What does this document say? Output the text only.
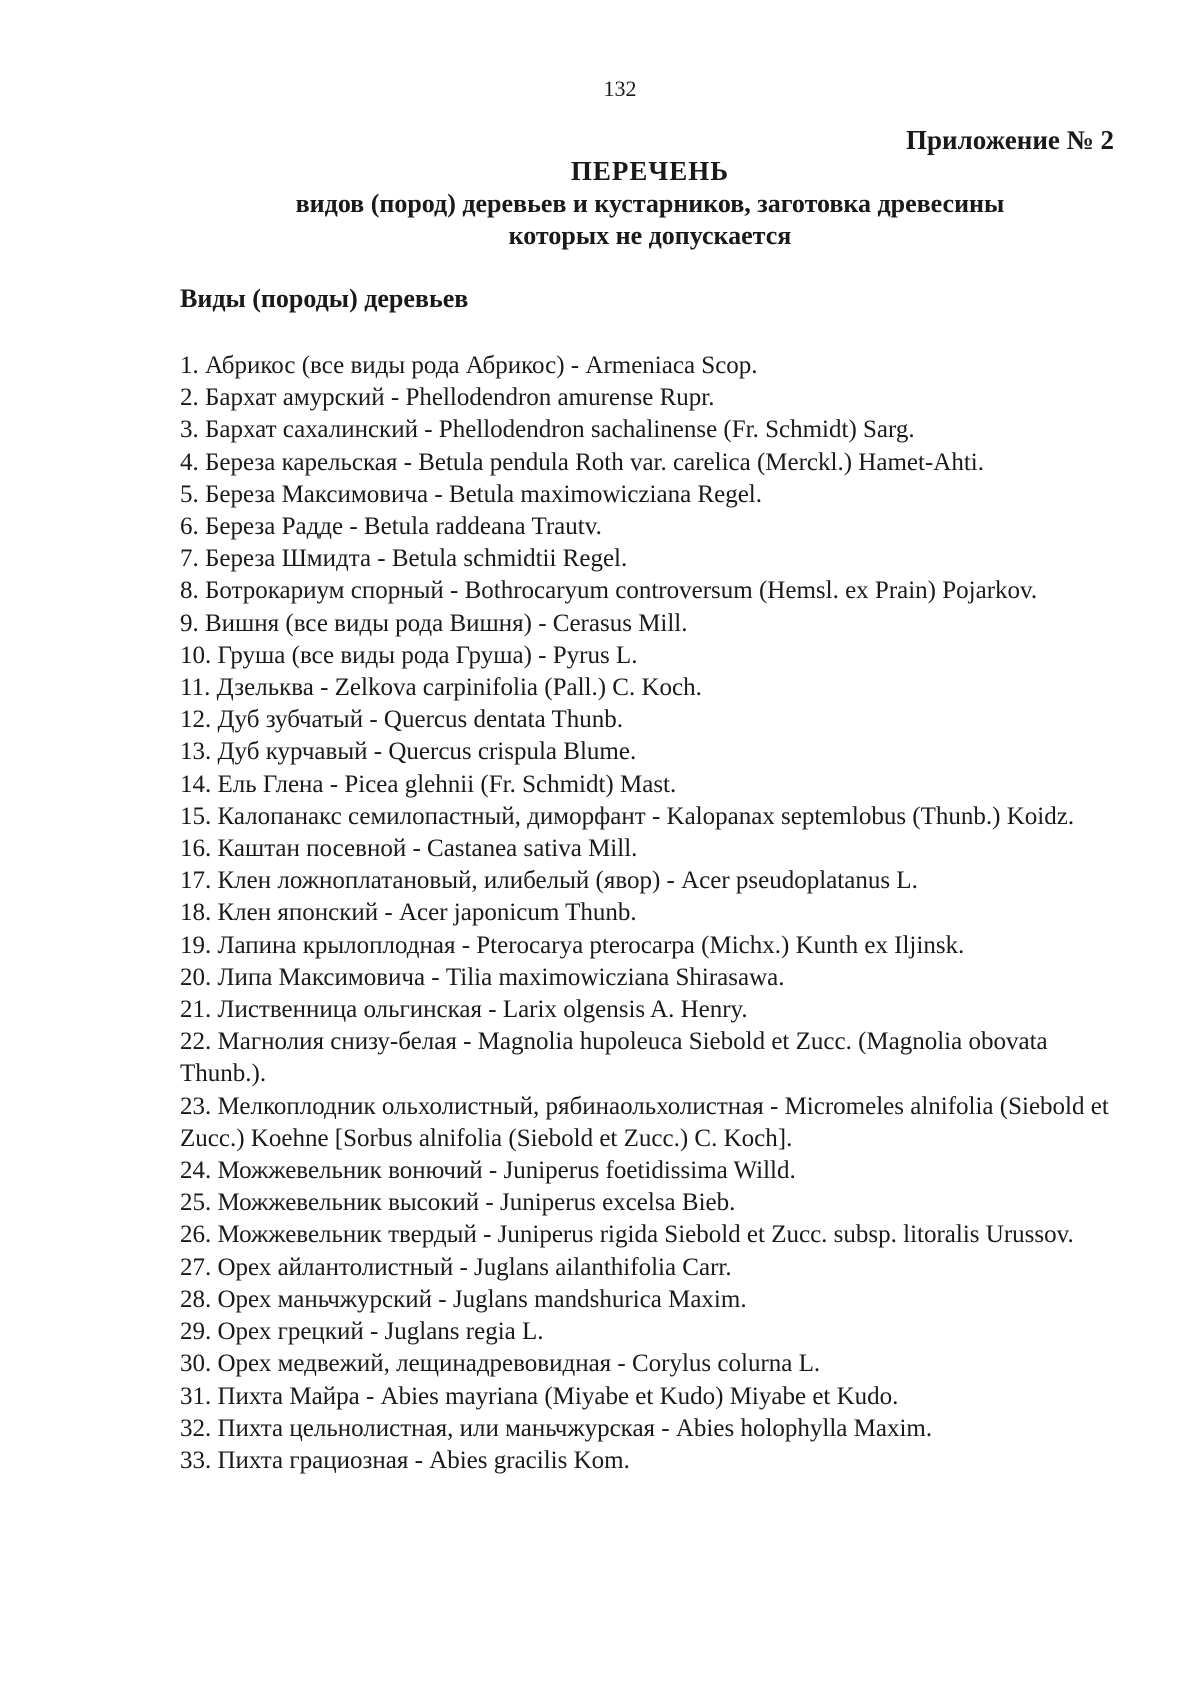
132
Приложение № 2
ПЕРЕЧЕНЬ
видов (пород) деревьев и кустарников, заготовка древесины
которых не допускается
Виды (породы) деревьев
1. Абрикос (все виды рода Абрикос) - Armeniaca Scop.
2. Бархат амурский - Phellodendron amurense Rupr.
3. Бархат сахалинский - Phellodendron sachalinense (Fr. Schmidt) Sarg.
4. Береза карельская - Betula pendula Roth var. carelica (Merckl.) Hamet-Ahti.
5. Береза Максимовича - Betula maximowicziana Regel.
6. Береза Радде - Betula raddeana Trautv.
7. Береза Шмидта - Betula schmidtii Regel.
8. Ботрокариум спорный - Bothrocaryum controversum (Hemsl. ex Prain) Pojarkov.
9. Вишня (все виды рода Вишня) - Cerasus Mill.
10. Груша (все виды рода Груша) - Pyrus L.
11. Дзельква - Zelkova carpinifolia (Pall.) C. Koch.
12. Дуб зубчатый - Quercus dentata Thunb.
13. Дуб курчавый - Quercus crispula Blume.
14. Ель Глена - Picea glehnii (Fr. Schmidt) Mast.
15. Калопанакс семилопастный, диморфант - Kalopanax septemlobus (Thunb.) Koidz.
16. Каштан посевной - Castanea sativa Mill.
17. Клен ложноплатановый, илибелый (явор) - Acer pseudoplatanus L.
18. Клен японский - Acer japonicum Thunb.
19. Лапина крылоплодная - Pterocarya pterocarpa (Michx.) Kunth ex Iljinsk.
20. Липа Максимовича - Tilia maximowicziana Shirasawa.
21. Лиственница ольгинская - Larix olgensis A. Henry.
22. Магнолия снизу-белая - Magnolia hupoleuca Siebold et Zucc. (Magnolia obovata Thunb.).
23. Мелкоплодник ольхолистный, рябинаольхолистная - Micromeles alnifolia (Siebold et Zucc.) Koehne [Sorbus alnifolia (Siebold et Zucc.) C. Koch].
24. Можжевельник вонючий - Juniperus foetidissima Willd.
25. Можжевельник высокий - Juniperus excelsa Bieb.
26. Можжевельник твердый - Juniperus rigida Siebold et Zucc. subsp. litoralis Urussov.
27. Орех айлантолистный - Juglans ailanthifolia Carr.
28. Орех маньчжурский - Juglans mandshurica Maxim.
29. Орех грецкий - Juglans regia L.
30. Орех медвежий, лещинадревовидная - Corylus colurna L.
31. Пихта Майра - Abies mayriana (Miyabe et Kudo) Miyabe et Kudo.
32. Пихта цельнолистная, или маньчжурская - Abies holophylla Maxim.
33. Пихта грациозная - Abies gracilis Kom.
